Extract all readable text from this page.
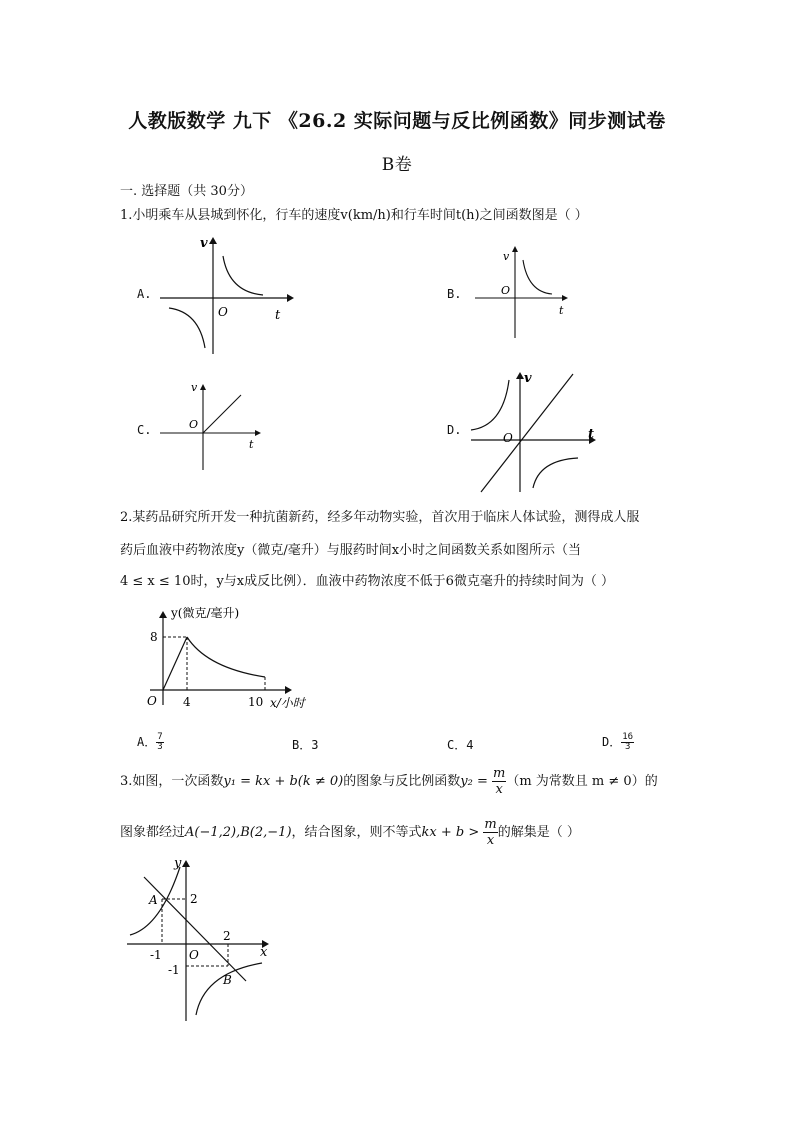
人教版数学 九下 《26.2 实际问题与反比例函数》同步测试卷
B卷
一. 选择题（共 30分）
1.小明乘车从县城到怀化，行车的速度v(km/h)和行车时间t(h)之间函数图是（ ）
A.
v
t
O
B.
v
t
O
C.
v
t
O	D.
v
t
O
2.某药品研究所开发一种抗菌新药，经多年动物实验，首次用于临床人体试验，测得成人服
药后血液中药物浓度y（微克/毫升）与服药时间x小时之间函数关系如图所示（当
4 ≤ x ≤ 10时，y与x成反比例）．血液中药物浓度不低于6微克毫升的持续时间为（ ）
y(微克/毫升)
8
4	10 x/小时
O
A． $\frac{7}{3}$	B．3	C．4	D． $\frac{16}{3}$
3.如图，一次函数y₁ = kx + b(k ≠ 0)的图象与反比例函数$y_2 = \frac{m}{x} (m$ 为常数且 m ≠ 0）的
图象都经过A(−1,2),B(2,−1)，结合图象，则不等式kx + $b > \frac{m}{x}$ 的解集是（ ）
y
x
O
A
B
2
2
-1
-1
